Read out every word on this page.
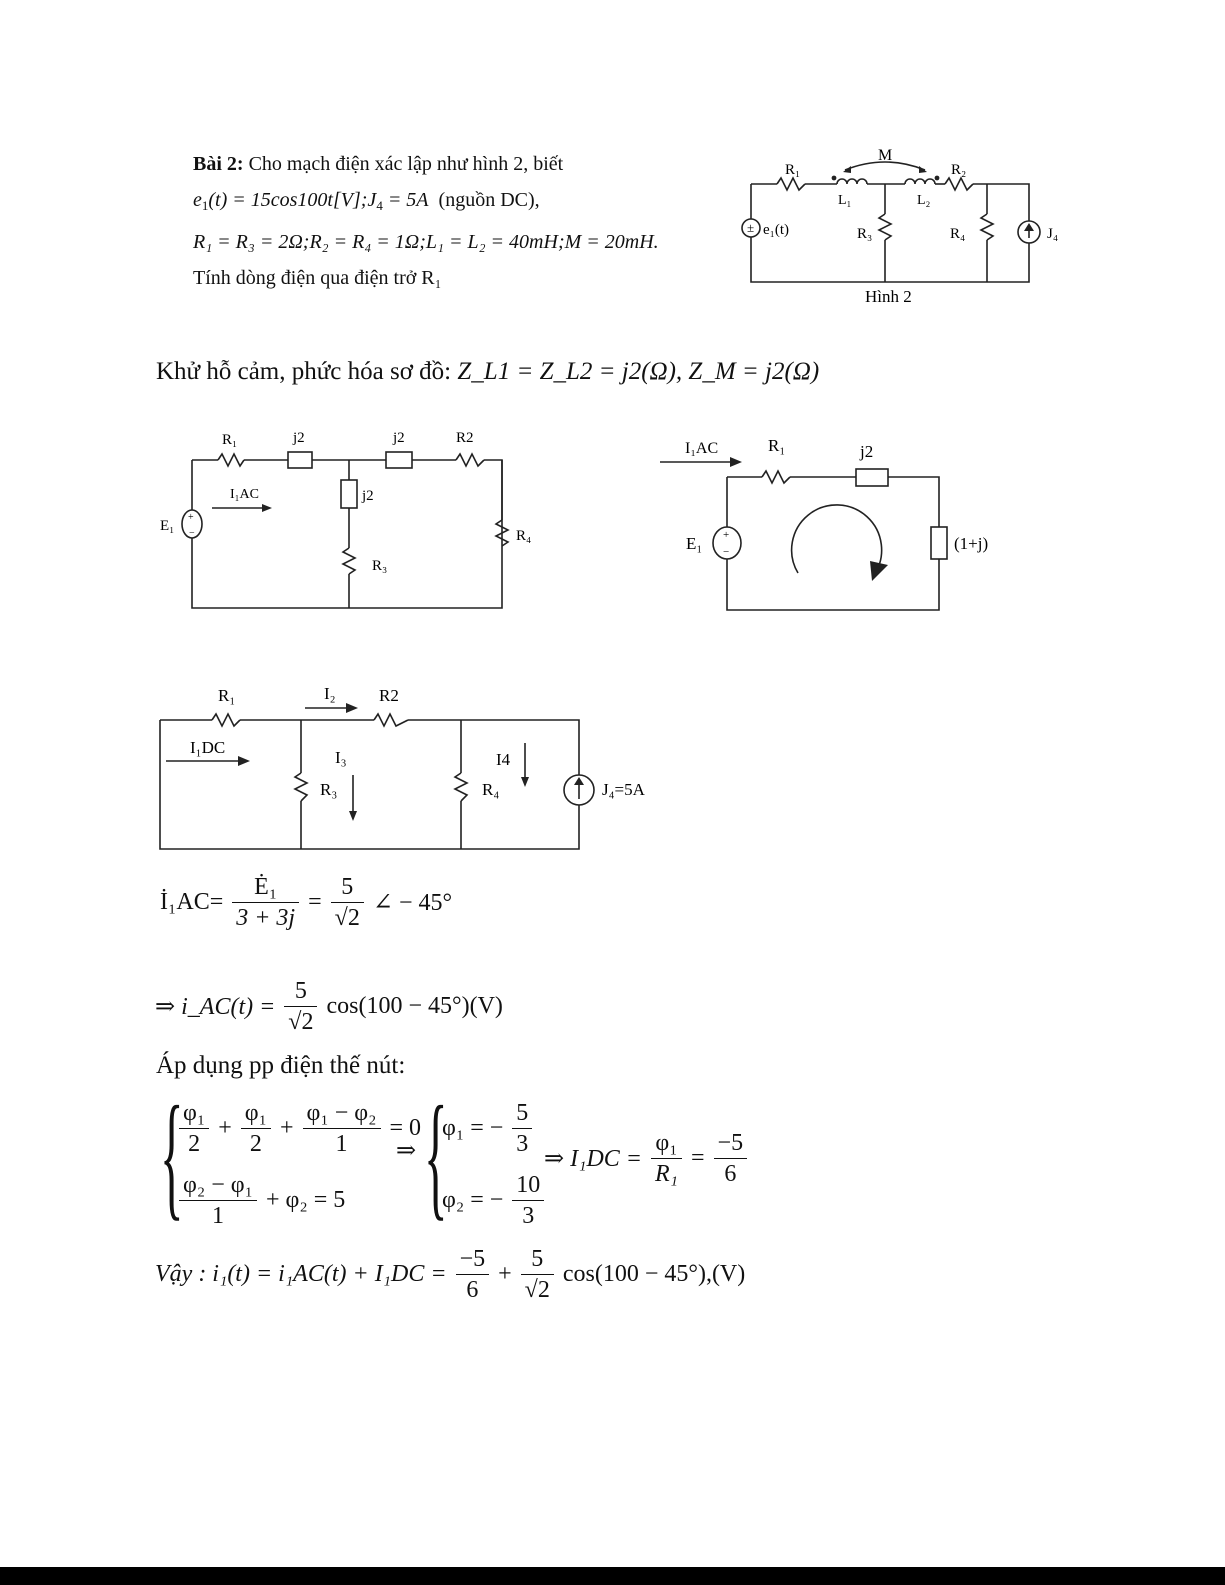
Bài 2: Cho mạch điện xác lập như hình 2, biết
$e_1(t)$ = $15\cos 100t[V];J_4 = 5A$ (nguồn DC),
R₁ = R₃ = 2Ω;R₂ = R₄ = 1Ω;L₁ = L₂ = 40mH;M = 20mH.
Tính dòng điện qua điện trở R₁
±
R₁
M
R₂
L₁	L₂
e₁(t)	R₃	R₄	J₄
Hình 2
Khử hỗ cảm, phức hóa sơ đồ: Z_L1 = Z_L2 = j2(Ω), Z_M = j2(Ω)
+
−
R₁	j2	j2	R2
I₁AC
E₁
j2
R₄
R₃
+
−
I₁AC	R₁	j2
E₁	(1+j)
R₁	I₂	R2
I₁DC
I₃	I4
R₃	R₄	J₄=5A
İ₁AC= $\frac{\text{Ė₁}}{3 + 3j} = \frac{5}{√2}$ ∠ − 45°
⇒ i_AC(t) = $\frac{5}{√2} \cos(100 - 45^\circ)(V)$
Áp dụng pp điện thế nút:
{
$\frac{\text{φ₁}}{2} + \frac{\text{φ₁}}{2} + \frac{\text{φ₁ − φ₂}}{1} = 0$
$\frac{\text{φ₂ − φ₁}}{1} + \varphi_2 = 5$
⇒ {
φ₁ = − $\frac{5}{3}$
φ₂ = − $\frac{10}{3}$
⇒ $I_1DC = \frac{\text{φ₁}}{\text{R₁}} = \frac{-5}{6}$
Vậy : $i_1(t) = i_1AC(t) + I_1DC = \frac{-5}{6} + \frac{5}{√2} \cos(100 - 45^\circ),(V)$
